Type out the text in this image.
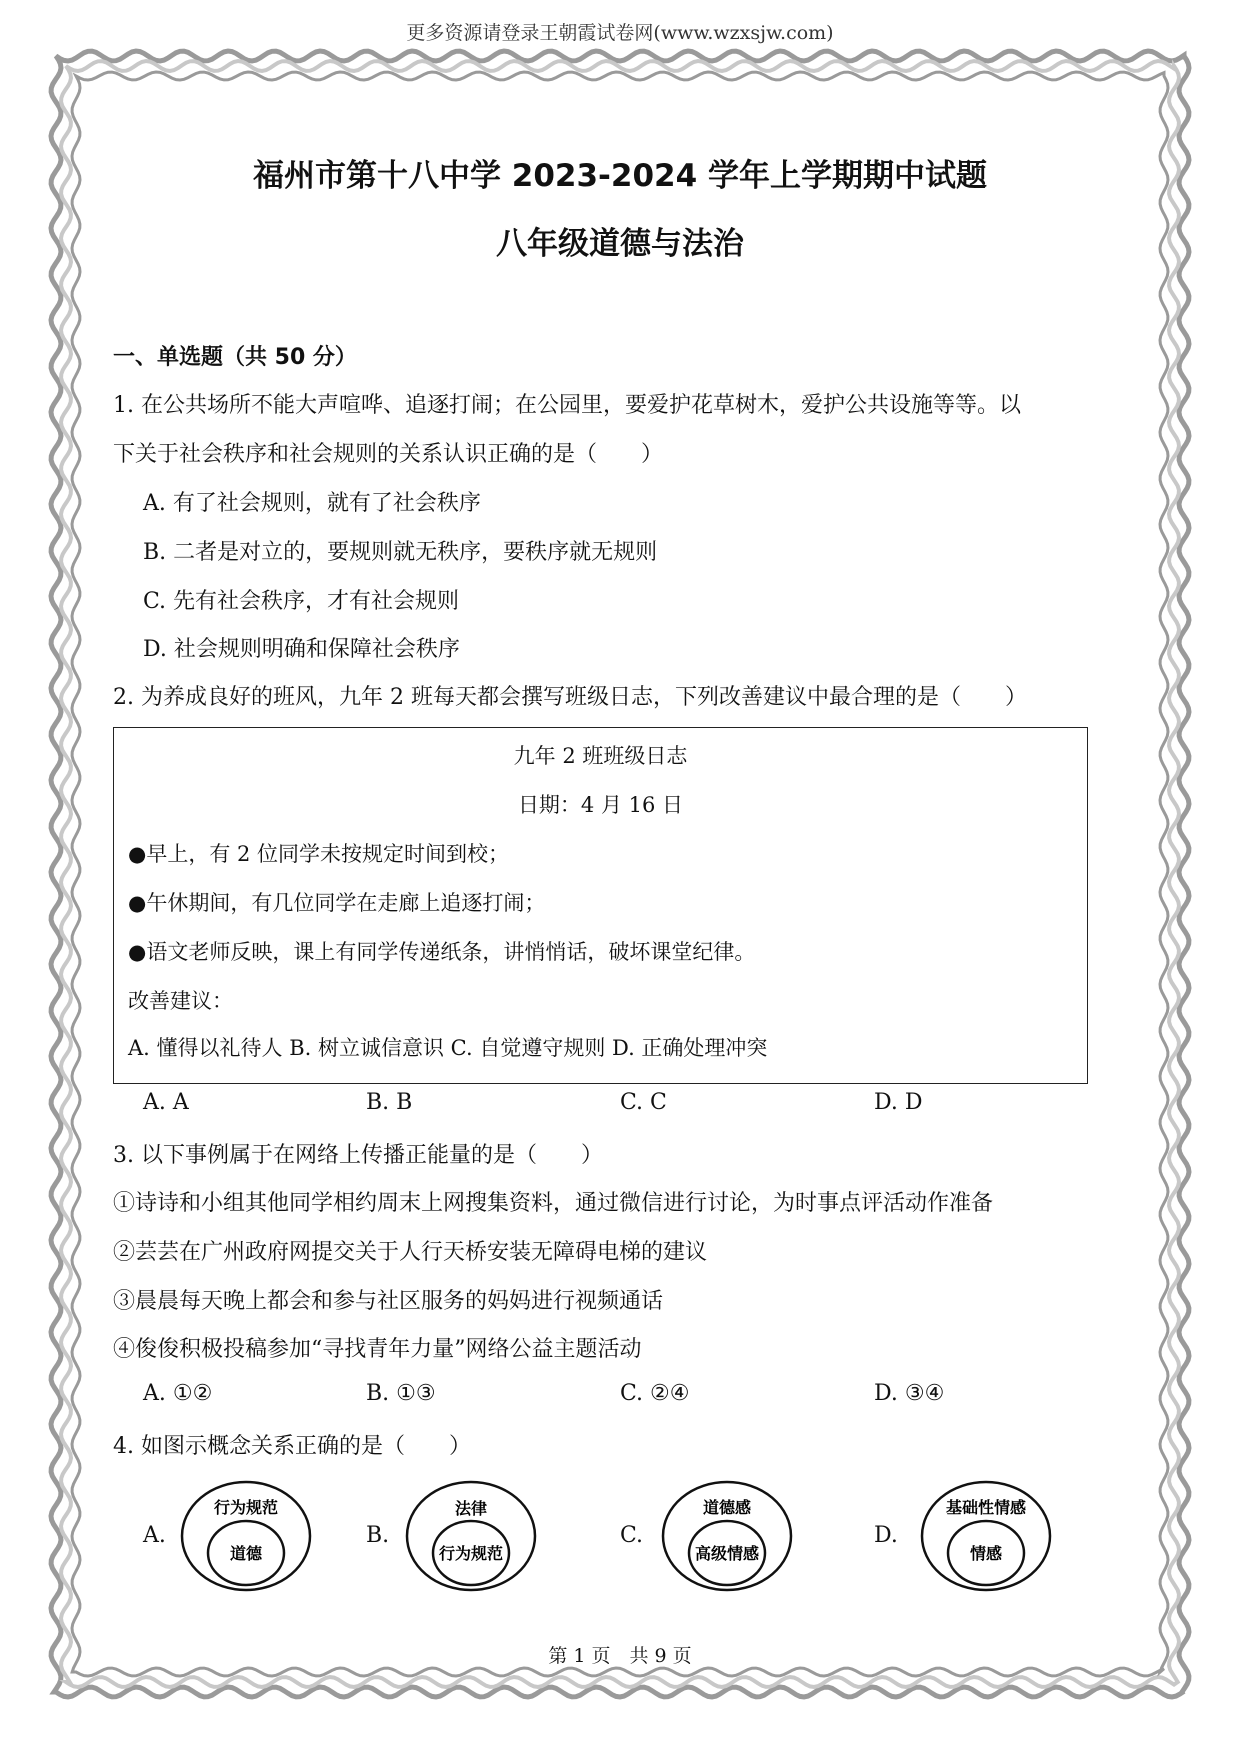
更多资源请登录王朝霞试卷网(www.wzxsjw.com)
福州市第十八中学 2023-2024 学年上学期期中试题
八年级道德与法治
一、单选题（共 50 分）
1. 在公共场所不能大声喧哗、追逐打闹；在公园里，要爱护花草树木，爱护公共设施等等。以
下关于社会秩序和社会规则的关系认识正确的是（　　）
A. 有了社会规则，就有了社会秩序
B. 二者是对立的，要规则就无秩序，要秩序就无规则
C. 先有社会秩序，才有社会规则
D. 社会规则明确和保障社会秩序
2. 为养成良好的班风，九年 2 班每天都会撰写班级日志，下列改善建议中最合理的是（　　）
九年 2 班班级日志
日期：4 月 16 日
●早上，有 2 位同学未按规定时间到校；
●午休期间，有几位同学在走廊上追逐打闹；
●语文老师反映，课上有同学传递纸条，讲悄悄话，破坏课堂纪律。
改善建议：
A. 懂得以礼待人 B. 树立诚信意识 C. 自觉遵守规则 D. 正确处理冲突
A. A	B. B	C. C	D. D
3. 以下事例属于在网络上传播正能量的是（　　）
①诗诗和小组其他同学相约周末上网搜集资料，通过微信进行讨论，为时事点评活动作准备
②芸芸在广州政府网提交关于人行天桥安装无障碍电梯的建议
③晨晨每天晚上都会和参与社区服务的妈妈进行视频通话
④俊俊积极投稿参加“寻找青年力量”网络公益主题活动
A. ①②	B. ①③	C. ②④	D. ③④
4. 如图示概念关系正确的是（　　）
A.
行为规范
道德
B.
法律
行为规范
C.
道德感
高级情感
D.
基础性情感
情感
第 1 页　共 9 页
